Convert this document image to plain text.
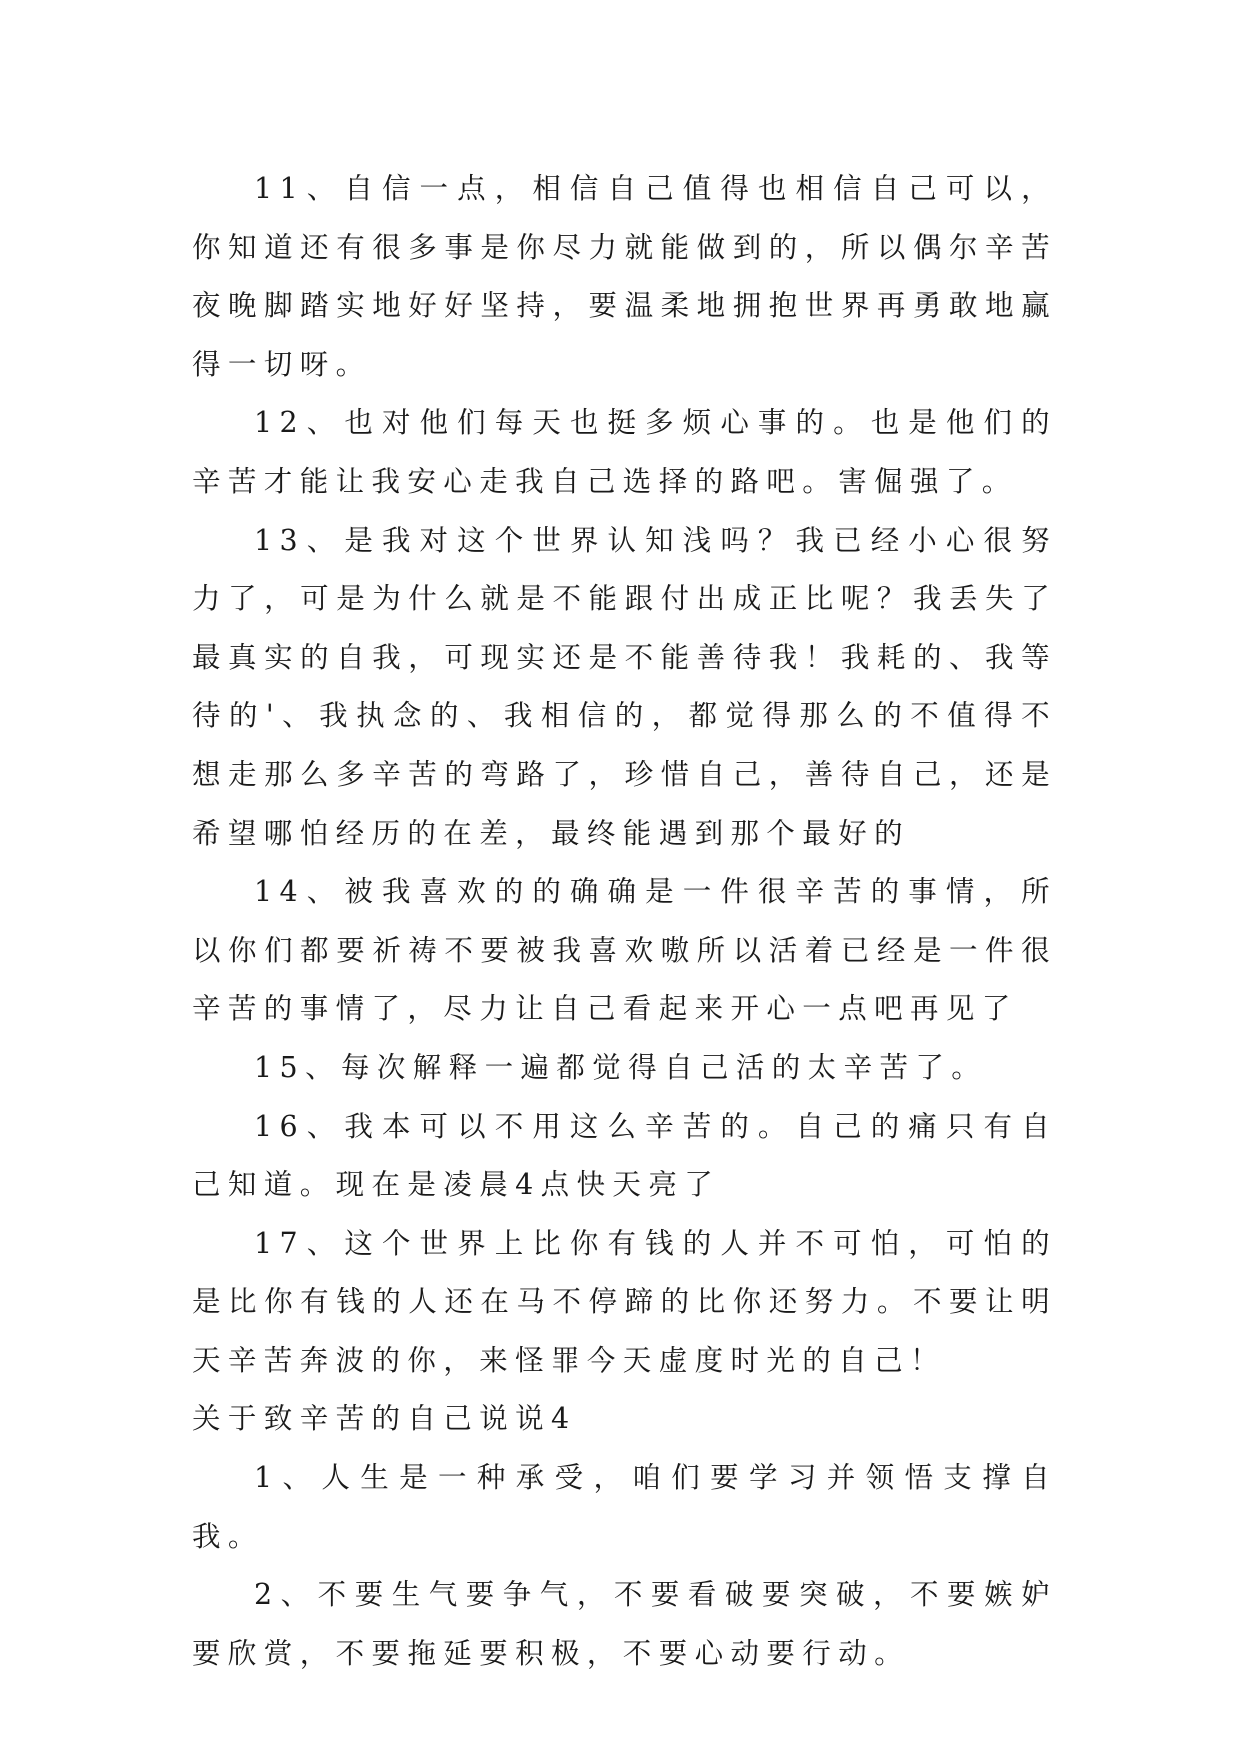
11、自信一点，相信自己值得也相信自己可以，你知道还有很多事是你尽力就能做到的，所以偶尔辛苦夜晚脚踏实地好好坚持，要温柔地拥抱世界再勇敢地赢得一切呀。

12、也对他们每天也挺多烦心事的。也是他们的辛苦才能让我安心走我自己选择的路吧。害倔强了。

13、是我对这个世界认知浅吗？我已经小心很努力了，可是为什么就是不能跟付出成正比呢？我丢失了最真实的自我，可现实还是不能善待我！我耗的、我等待的'、我执念的、我相信的，都觉得那么的不值得不想走那么多辛苦的弯路了，珍惜自己，善待自己，还是希望哪怕经历的在差，最终能遇到那个最好的

14、被我喜欢的的确确是一件很辛苦的事情，所以你们都要祈祷不要被我喜欢嗷所以活着已经是一件很辛苦的事情了，尽力让自己看起来开心一点吧再见了

15、每次解释一遍都觉得自己活的太辛苦了。

16、我本可以不用这么辛苦的。自己的痛只有自己知道。现在是凌晨4点快天亮了

17、这个世界上比你有钱的人并不可怕，可怕的是比你有钱的人还在马不停蹄的比你还努力。不要让明天辛苦奔波的你，来怪罪今天虚度时光的自己！

关于致辛苦的自己说说4

1、人生是一种承受，咱们要学习并领悟支撑自我。

2、不要生气要争气，不要看破要突破，不要嫉妒要欣赏，不要拖延要积极，不要心动要行动。
